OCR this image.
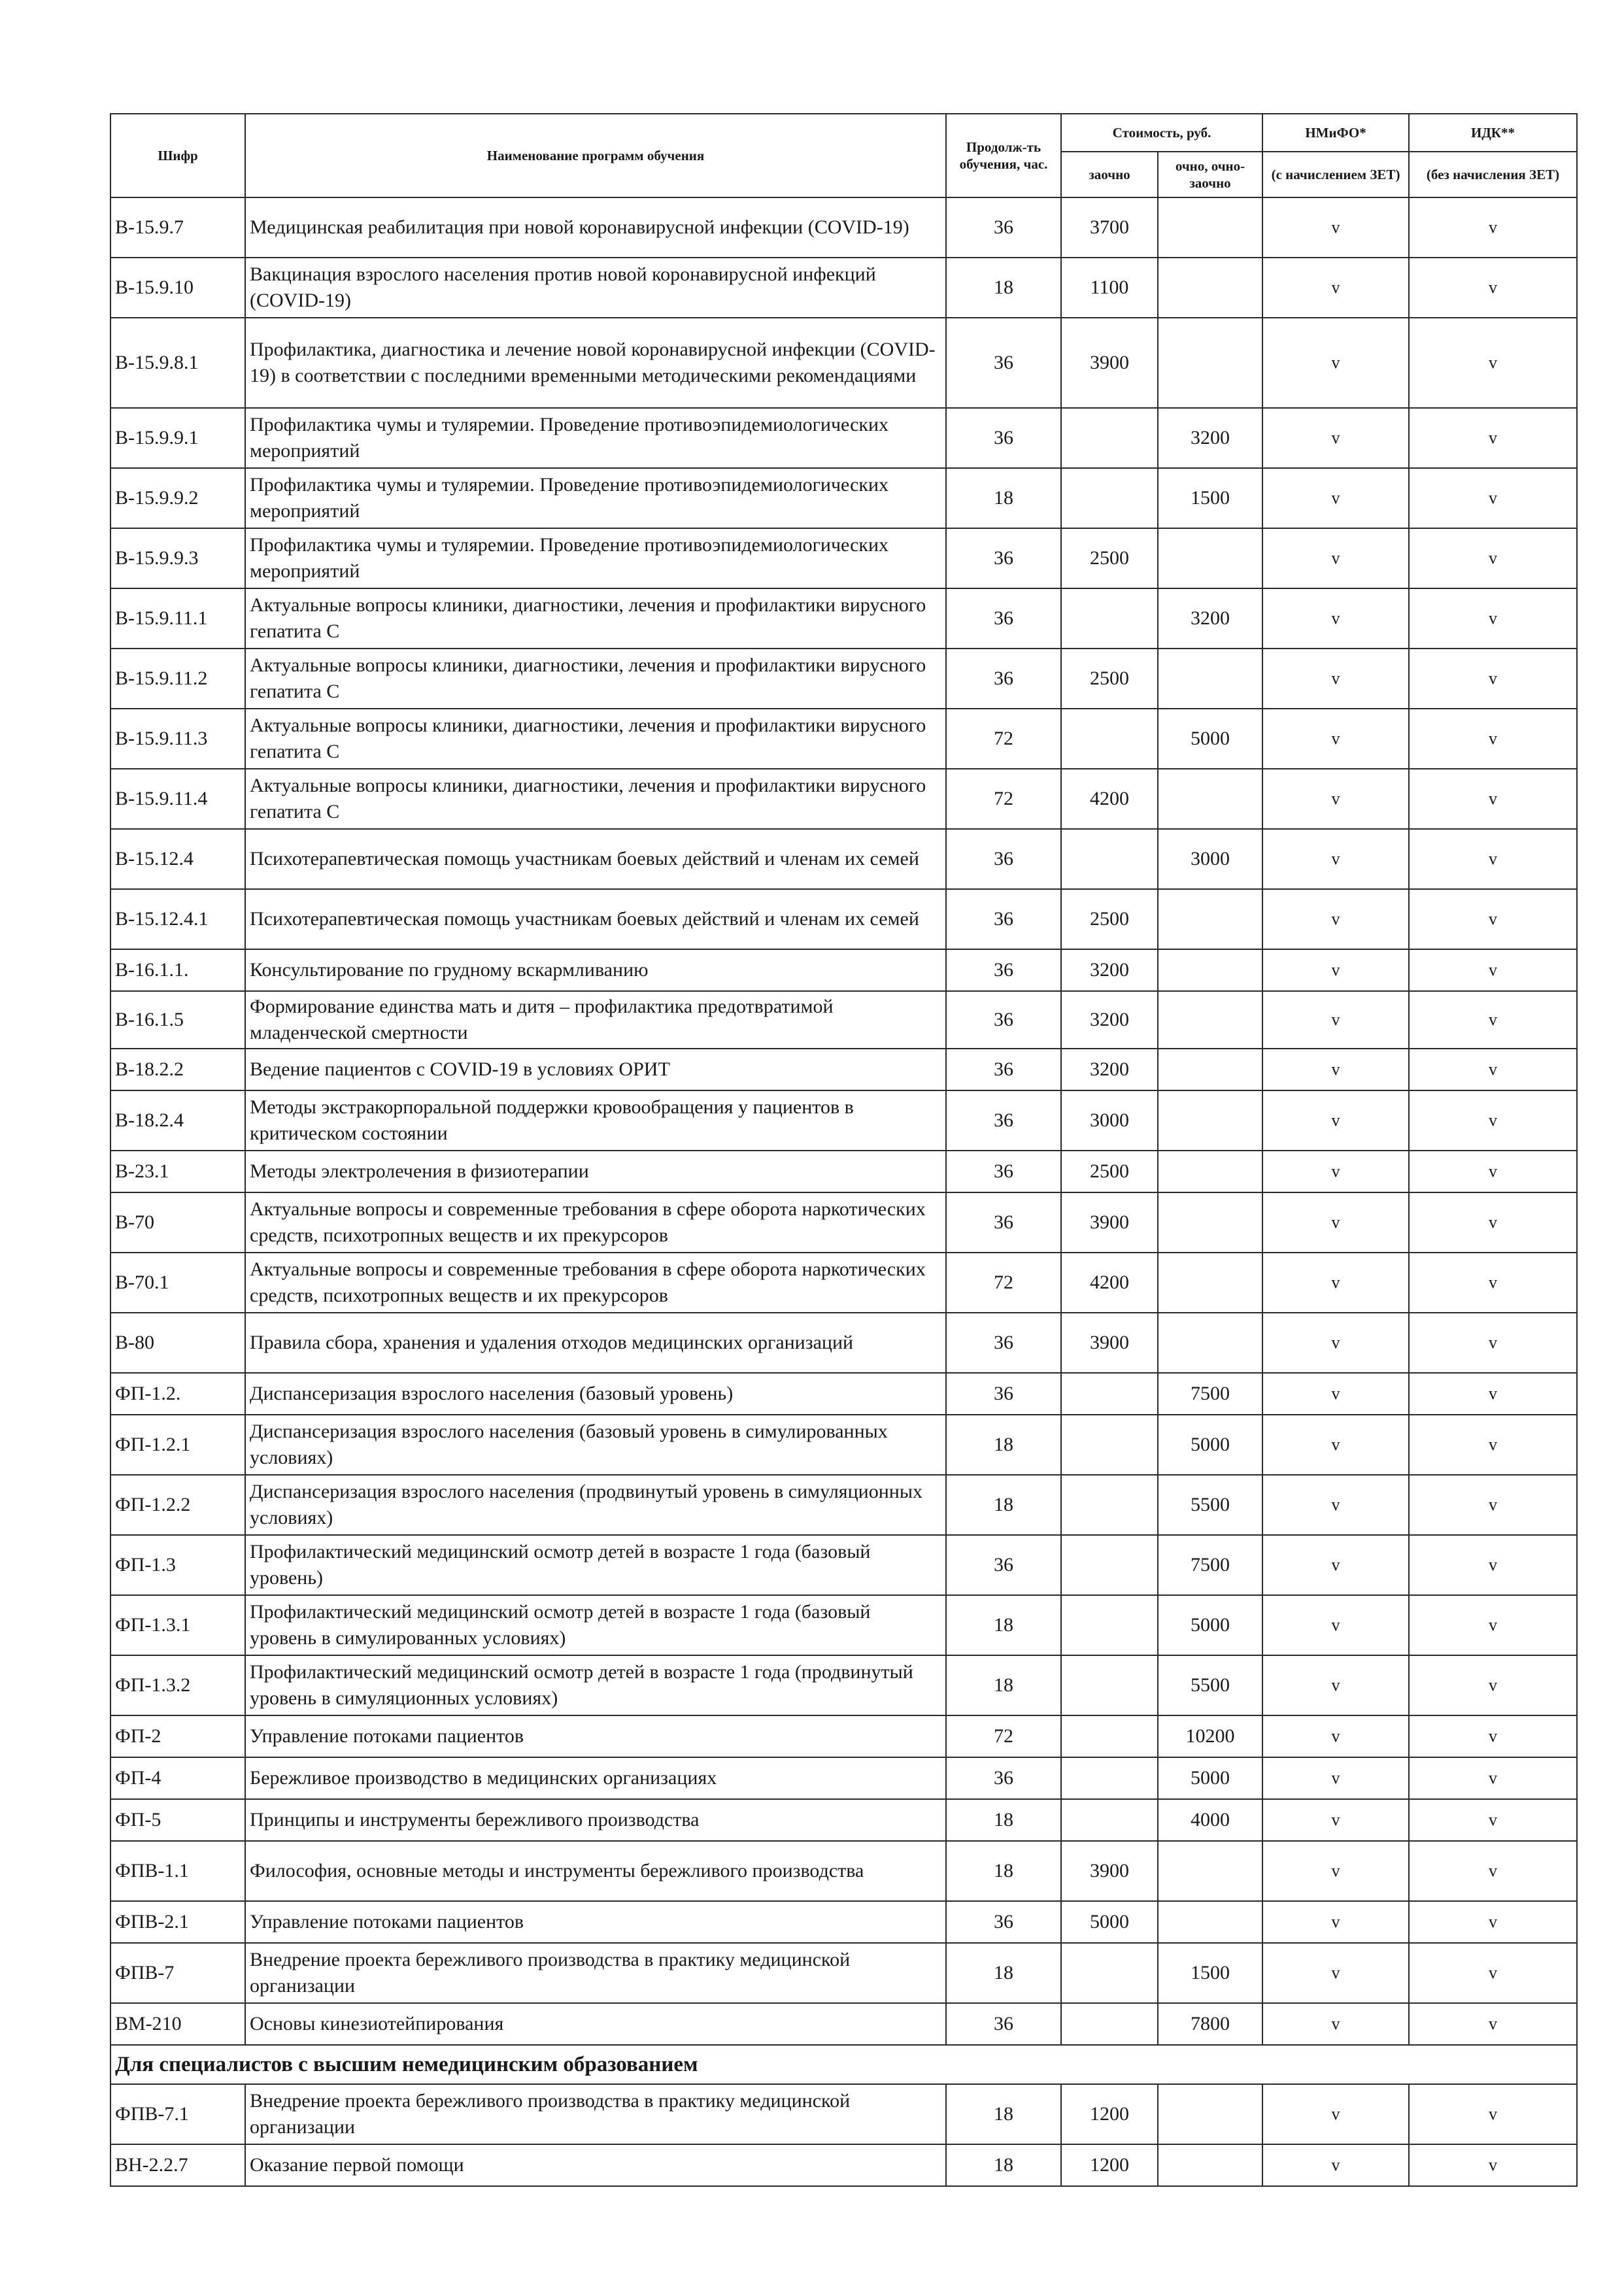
Шифр	Наименование программ обучения	Продолж-ть обучения, час.	Стоимость, руб.		НМиФО*	ИДК**
			заочно	очно, очно-заочно	(с начислением ЗЕТ)	(без начисления ЗЕТ)
В-15.9.7	Медицинская реабилитация при новой коронавирусной инфекции (COVID-19)	36	3700		v	v
В-15.9.10	Вакцинация взрослого населения против новой коронавирусной инфекций (COVID-19)	18	1100		v	v
В-15.9.8.1	Профилактика, диагностика и лечение новой коронавирусной инфекции (COVID-19) в соответствии с последними временными методическими рекомендациями	36	3900		v	v
В-15.9.9.1	Профилактика чумы и туляремии. Проведение противоэпидемиологических мероприятий	36		3200	v	v
В-15.9.9.2	Профилактика чумы и туляремии. Проведение противоэпидемиологических мероприятий	18		1500	v	v
В-15.9.9.3	Профилактика чумы и туляремии. Проведение противоэпидемиологических мероприятий	36	2500		v	v
В-15.9.11.1	Актуальные вопросы клиники, диагностики, лечения и профилактики вирусного гепатита С	36		3200	v	v
В-15.9.11.2	Актуальные вопросы клиники, диагностики, лечения и профилактики вирусного гепатита С	36	2500		v	v
В-15.9.11.3	Актуальные вопросы клиники, диагностики, лечения и профилактики вирусного гепатита С	72		5000	v	v
В-15.9.11.4	Актуальные вопросы клиники, диагностики, лечения и профилактики вирусного гепатита С	72	4200		v	v
В-15.12.4	Психотерапевтическая помощь участникам боевых действий и членам их семей	36		3000	v	v
В-15.12.4.1	Психотерапевтическая помощь участникам боевых действий и членам их семей	36	2500		v	v
В-16.1.1.	Консультирование по грудному вскармливанию	36	3200		v	v
В-16.1.5	Формирование единства мать и дитя – профилактика предотвратимой младенческой смертности	36	3200		v	v
В-18.2.2	Ведение пациентов с COVID-19 в условиях ОРИТ	36	3200		v	v
В-18.2.4	Методы экстракорпоральной поддержки кровообращения у пациентов в критическом состоянии	36	3000		v	v
В-23.1	Методы электролечения в физиотерапии	36	2500		v	v
В-70	Актуальные вопросы и современные требования в сфере оборота наркотических средств, психотропных веществ и их прекурсоров	36	3900		v	v
В-70.1	Актуальные вопросы и современные требования в сфере оборота наркотических средств, психотропных веществ и их прекурсоров	72	4200		v	v
В-80	Правила сбора, хранения и удаления отходов медицинских организаций	36	3900		v	v
ФП-1.2.	Диспансеризация взрослого населения (базовый уровень)	36		7500	v	v
ФП-1.2.1	Диспансеризация взрослого населения (базовый уровень в симулированных условиях)	18		5000	v	v
ФП-1.2.2	Диспансеризация взрослого населения (продвинутый уровень в симуляционных условиях)	18		5500	v	v
ФП-1.3	Профилактический медицинский осмотр детей в возрасте 1 года (базовый уровень)	36		7500	v	v
ФП-1.3.1	Профилактический медицинский осмотр детей в возрасте 1 года (базовый уровень в симулированных условиях)	18		5000	v	v
ФП-1.3.2	Профилактический медицинский осмотр детей в возрасте 1 года (продвинутый уровень в симуляционных условиях)	18		5500	v	v
ФП-2	Управление потоками пациентов	72		10200	v	v
ФП-4	Бережливое производство в медицинских организациях	36		5000	v	v
ФП-5	Принципы и инструменты бережливого производства	18		4000	v	v
ФПВ-1.1	Философия, основные методы и инструменты бережливого производства	18	3900		v	v
ФПВ-2.1	Управление потоками пациентов	36	5000		v	v
ФПВ-7	Внедрение проекта бережливого производства в практику медицинской организации	18		1500	v	v
ВМ-210	Основы кинезиотейпирования	36		7800	v	v
Для специалистов с высшим немедицинским образованием						
ФПВ-7.1	Внедрение проекта бережливого производства в практику медицинской организации	18	1200		v	v
ВН-2.2.7	Оказание первой помощи	18	1200		v	v
